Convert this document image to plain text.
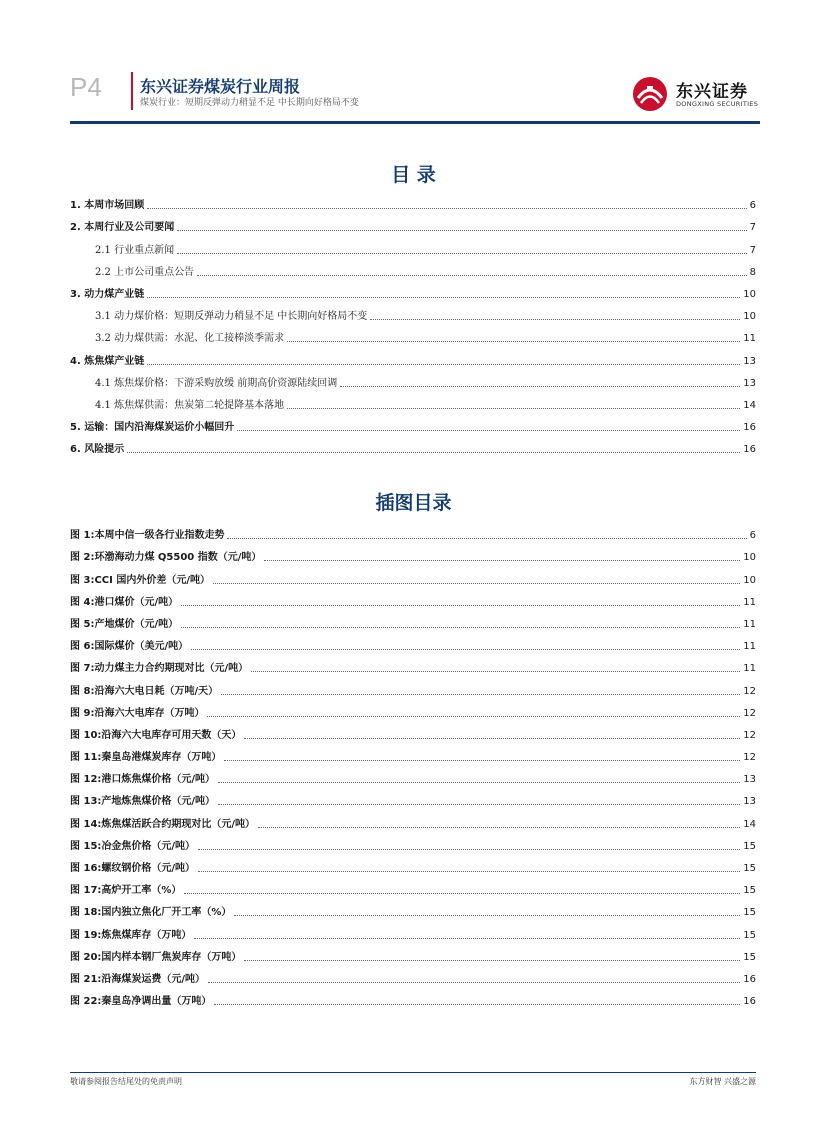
P4 东兴证券煤炭行业周报
煤炭行业：短期反弹动力稍显不足 中长期向好格局不变
东兴证券
DONGXING SECURITIES
目 录
1. 本周市场回顾	6
2. 本周行业及公司要闻	7
2.1 行业重点新闻	7
2.2 上市公司重点公告	8
3. 动力煤产业链	10
3.1 动力煤价格：短期反弹动力稍显不足 中长期向好格局不变	10
3.2 动力煤供需：水泥、化工接棒淡季需求	11
4. 炼焦煤产业链	13
4.1 炼焦煤价格：下游采购放缓 前期高价资源陆续回调	13
4.1 炼焦煤供需：焦炭第二轮提降基本落地	14
5. 运输：国内沿海煤炭运价小幅回升	16
6. 风险提示	16
插图目录
图 1:本周中信一级各行业指数走势	6
图 2:环渤海动力煤 Q5500 指数（元/吨）	10
图 3:CCI 国内外价差（元/吨）	10
图 4:港口煤价（元/吨）	11
图 5:产地煤价（元/吨）	11
图 6:国际煤价（美元/吨）	11
图 7:动力煤主力合约期现对比（元/吨）	11
图 8:沿海六大电日耗（万吨/天）	12
图 9:沿海六大电库存（万吨）	12
图 10:沿海六大电库存可用天数（天）	12
图 11:秦皇岛港煤炭库存（万吨）	12
图 12:港口炼焦煤价格（元/吨）	13
图 13:产地炼焦煤价格（元/吨）	13
图 14:炼焦煤活跃合约期现对比（元/吨）	14
图 15:冶金焦价格（元/吨）	15
图 16:螺纹钢价格（元/吨）	15
图 17:高炉开工率（%）	15
图 18:国内独立焦化厂开工率（%）	15
图 19:炼焦煤库存（万吨）	15
图 20:国内样本钢厂焦炭库存（万吨）	15
图 21:沿海煤炭运费（元/吨）	16
图 22:秦皇岛净调出量（万吨）	16
敬请参阅报告结尾处的免责声明	东方财智 兴盛之源
